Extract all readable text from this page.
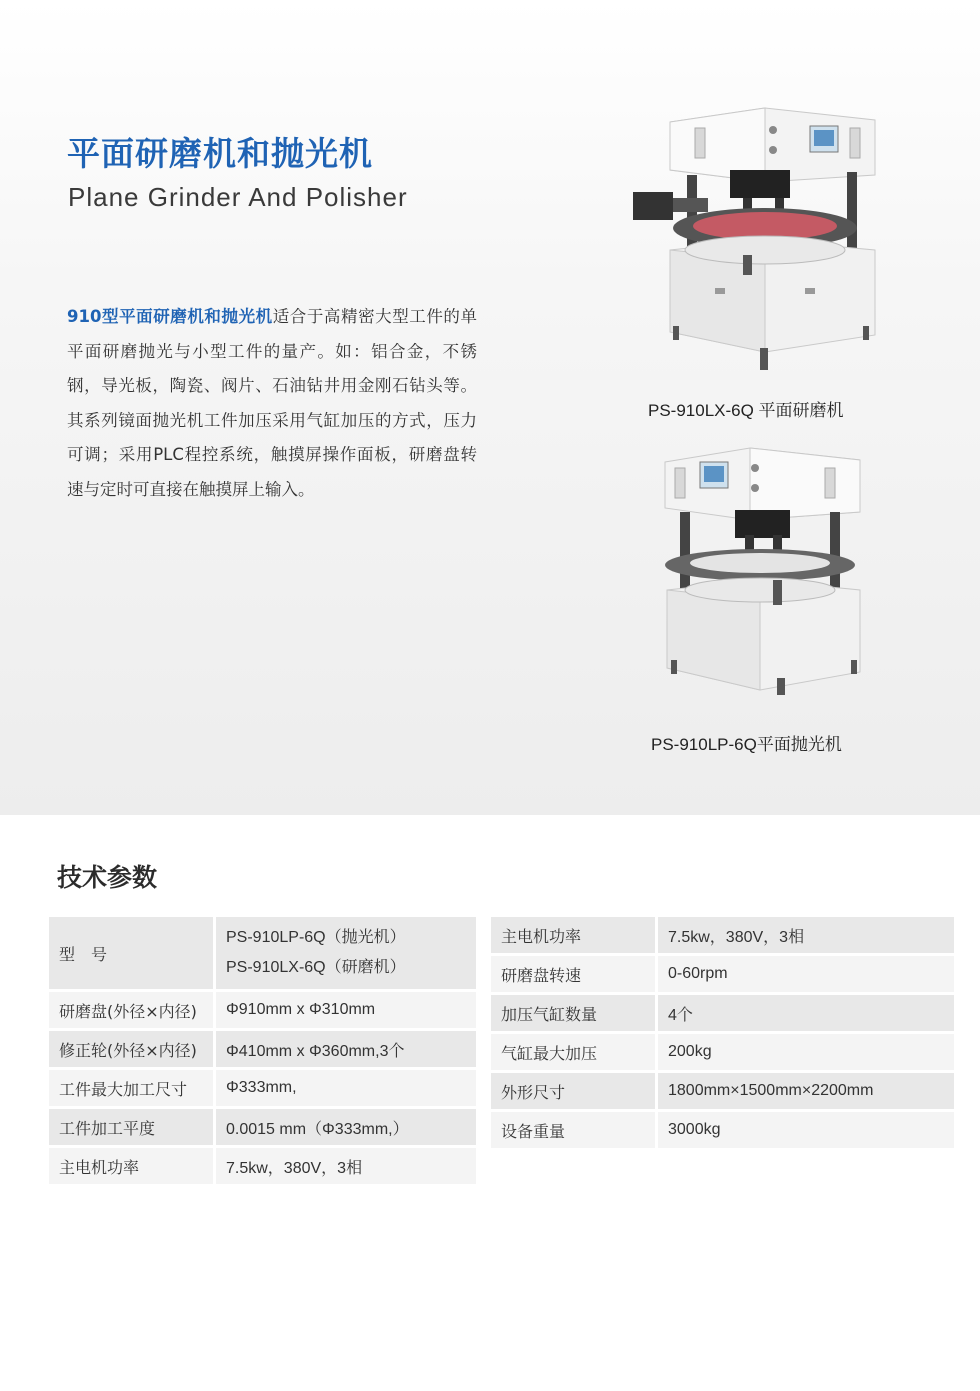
平面研磨机和抛光机
Plane Grinder And Polisher
910型平面研磨机和抛光机适合于高精密大型工件的单平面研磨抛光与小型工件的量产。如：铝合金，不锈钢，导光板，陶瓷、阀片、石油钻井用金刚石钻头等。其系列镜面抛光机工件加压采用气缸加压的方式，压力可调；采用PLC程控系统，触摸屏操作面板，研磨盘转速与定时可直接在触摸屏上输入。
PS-910LX-6Q 平面研磨机
PS-910LP-6Q平面抛光机
技术参数
型　号	PS-910LP-6Q（抛光机）
PS-910LX-6Q（研磨机）

研磨盘(外径×内径)	Φ910mm x Φ310mm
修正轮(外径×内径)	Φ410mm x Φ360mm,3个
工件最大加工尺寸	Φ333mm,
工件加工平度	0.0015 mm（Φ333mm,）
主电机功率	7.5kw，380V，3相
主电机功率	7.5kw，380V，3相
研磨盘转速	0-60rpm
加压气缸数量	4个
气缸最大加压	200kg
外形尺寸	1800mm×1500mm×2200mm
设备重量	3000kg
